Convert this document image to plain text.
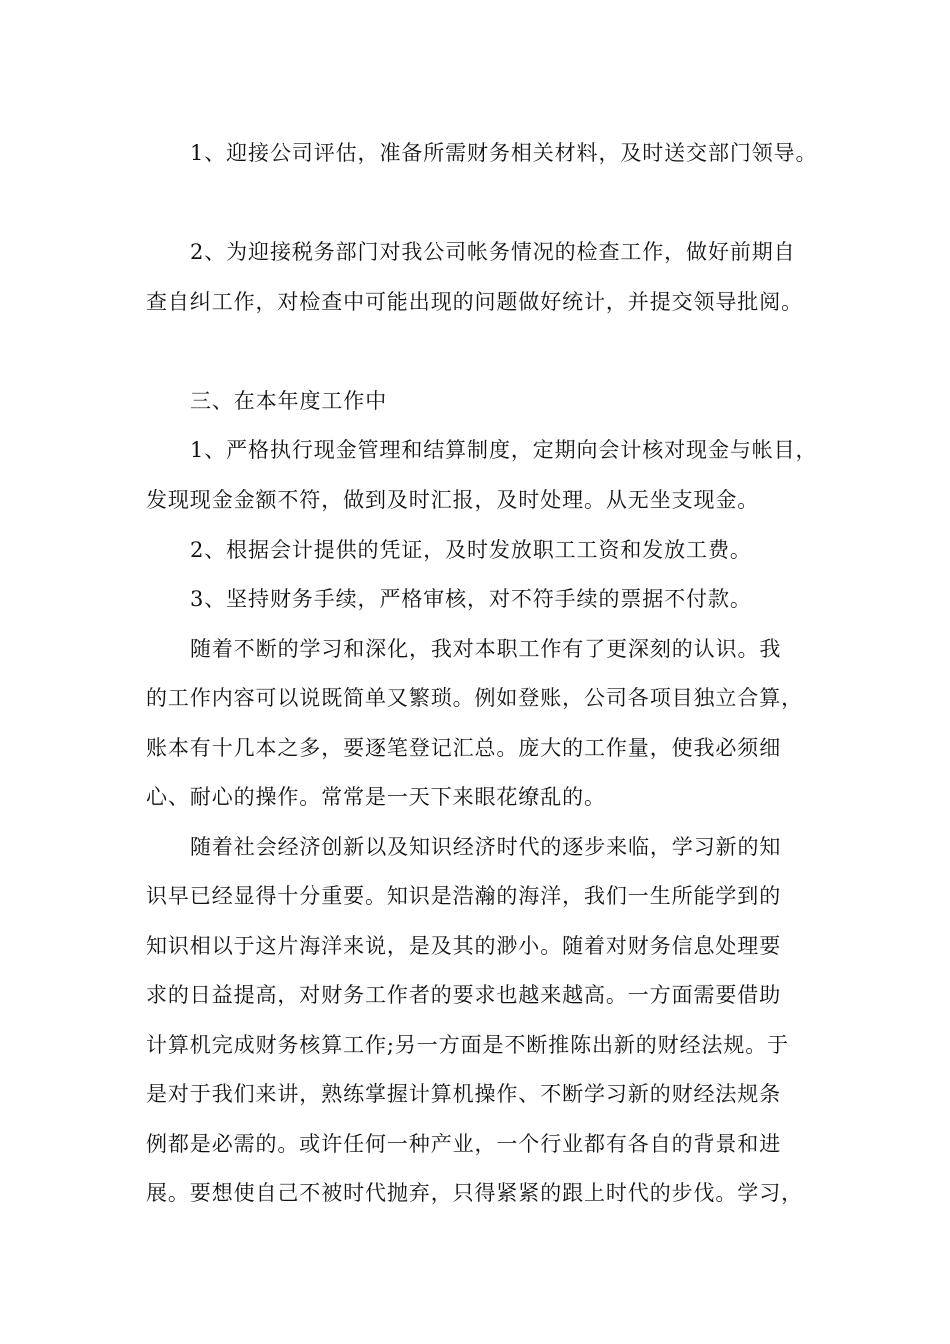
1、迎接公司评估，准备所需财务相关材料，及时送交部门领导。
2、为迎接税务部门对我公司帐务情况的检查工作，做好前期自
查自纠工作，对检查中可能出现的问题做好统计，并提交领导批阅。
三、在本年度工作中
1、严格执行现金管理和结算制度，定期向会计核对现金与帐目，
发现现金金额不符，做到及时汇报，及时处理。从无坐支现金。
2、根据会计提供的凭证，及时发放职工工资和发放工费。
3、坚持财务手续，严格审核，对不符手续的票据不付款。
随着不断的学习和深化，我对本职工作有了更深刻的认识。我
的工作内容可以说既简单又繁琐。例如登账，公司各项目独立合算，
账本有十几本之多，要逐笔登记汇总。庞大的工作量，使我必须细
心、耐心的操作。常常是一天下来眼花缭乱的。
随着社会经济创新以及知识经济时代的逐步来临，学习新的知
识早已经显得十分重要。知识是浩瀚的海洋，我们一生所能学到的
知识相以于这片海洋来说，是及其的渺小。随着对财务信息处理要
求的日益提高，对财务工作者的要求也越来越高。一方面需要借助
计算机完成财务核算工作;另一方面是不断推陈出新的财经法规。于
是对于我们来讲，熟练掌握计算机操作、不断学习新的财经法规条
例都是必需的。或许任何一种产业，一个行业都有各自的背景和进
展。要想使自己不被时代抛弃，只得紧紧的跟上时代的步伐。学习，
